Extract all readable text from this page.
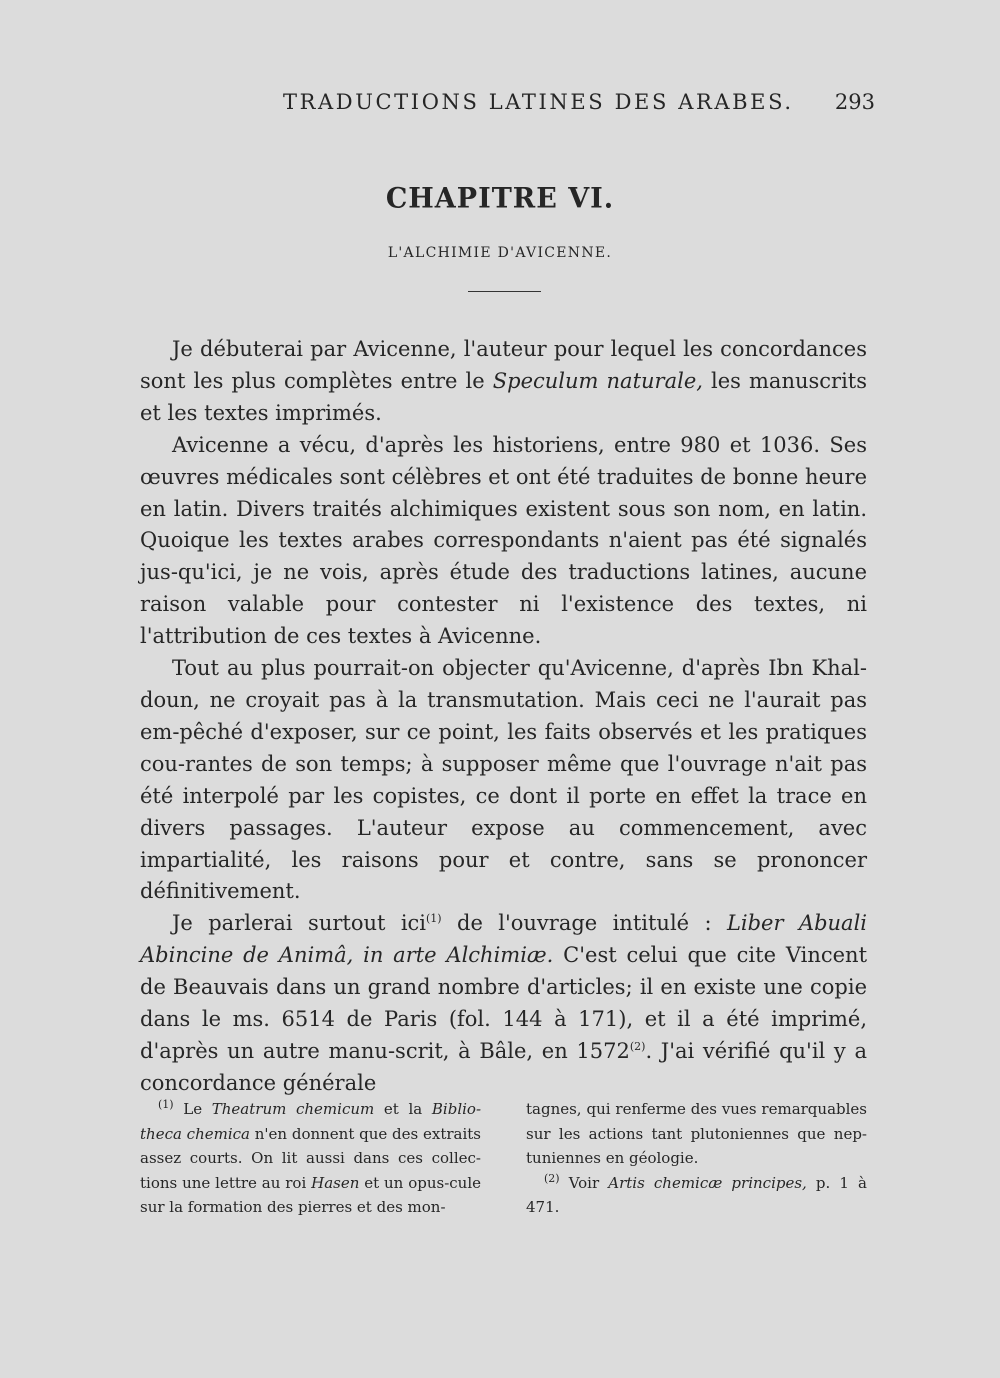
TRADUCTIONS LATINES DES ARABES. 293
CHAPITRE VI.
L'ALCHIMIE D'AVICENNE.

Je débuterai par Avicenne, l'auteur pour lequel les concordances sont les plus complètes entre le Speculum naturale, les manuscrits et les textes imprimés.

Avicenne a vécu, d'après les historiens, entre 980 et 1036. Ses œuvres médicales sont célèbres et ont été traduites de bonne heure en latin. Divers traités alchimiques existent sous son nom, en latin. Quoique les textes arabes correspondants n'aient pas été signalés jus-qu'ici, je ne vois, après étude des traductions latines, aucune raison valable pour contester ni l'existence des textes, ni l'attribution de ces textes à Avicenne.

Tout au plus pourrait-on objecter qu'Avicenne, d'après Ibn Khal-doun, ne croyait pas à la transmutation. Mais ceci ne l'aurait pas em-pêché d'exposer, sur ce point, les faits observés et les pratiques cou-rantes de son temps; à supposer même que l'ouvrage n'ait pas été interpolé par les copistes, ce dont il porte en effet la trace en divers passages. L'auteur expose au commencement, avec impartialité, les raisons pour et contre, sans se prononcer définitivement.

Je parlerai surtout ici$^{(1)}$ de l'ouvrage intitulé : Liber Abuali Abincine de Animâ, in arte Alchimiæ. C'est celui que cite Vincent de Beauvais dans un grand nombre d'articles; il en existe une copie dans le ms. 6514 de Paris (fol. 144 à 171), et il a été imprimé, d'après un autre manu-scrit, à Bâle, en 1572$^{(2)}$. J'ai vérifié qu'il y a concordance générale

$^{(1)}$ Le Theatrum chemicum et la Biblio-theca chemica n'en donnent que des extraits assez courts. On lit aussi dans ces collec-tions une lettre au roi Hasen et un opus-cule sur la formation des pierres et des mon-

tagnes, qui renferme des vues remarquables sur les actions tant plutoniennes que nep-tuniennes en géologie.

$^{(2)}$ Voir Artis chemicæ principes, p. 1 à 471.
